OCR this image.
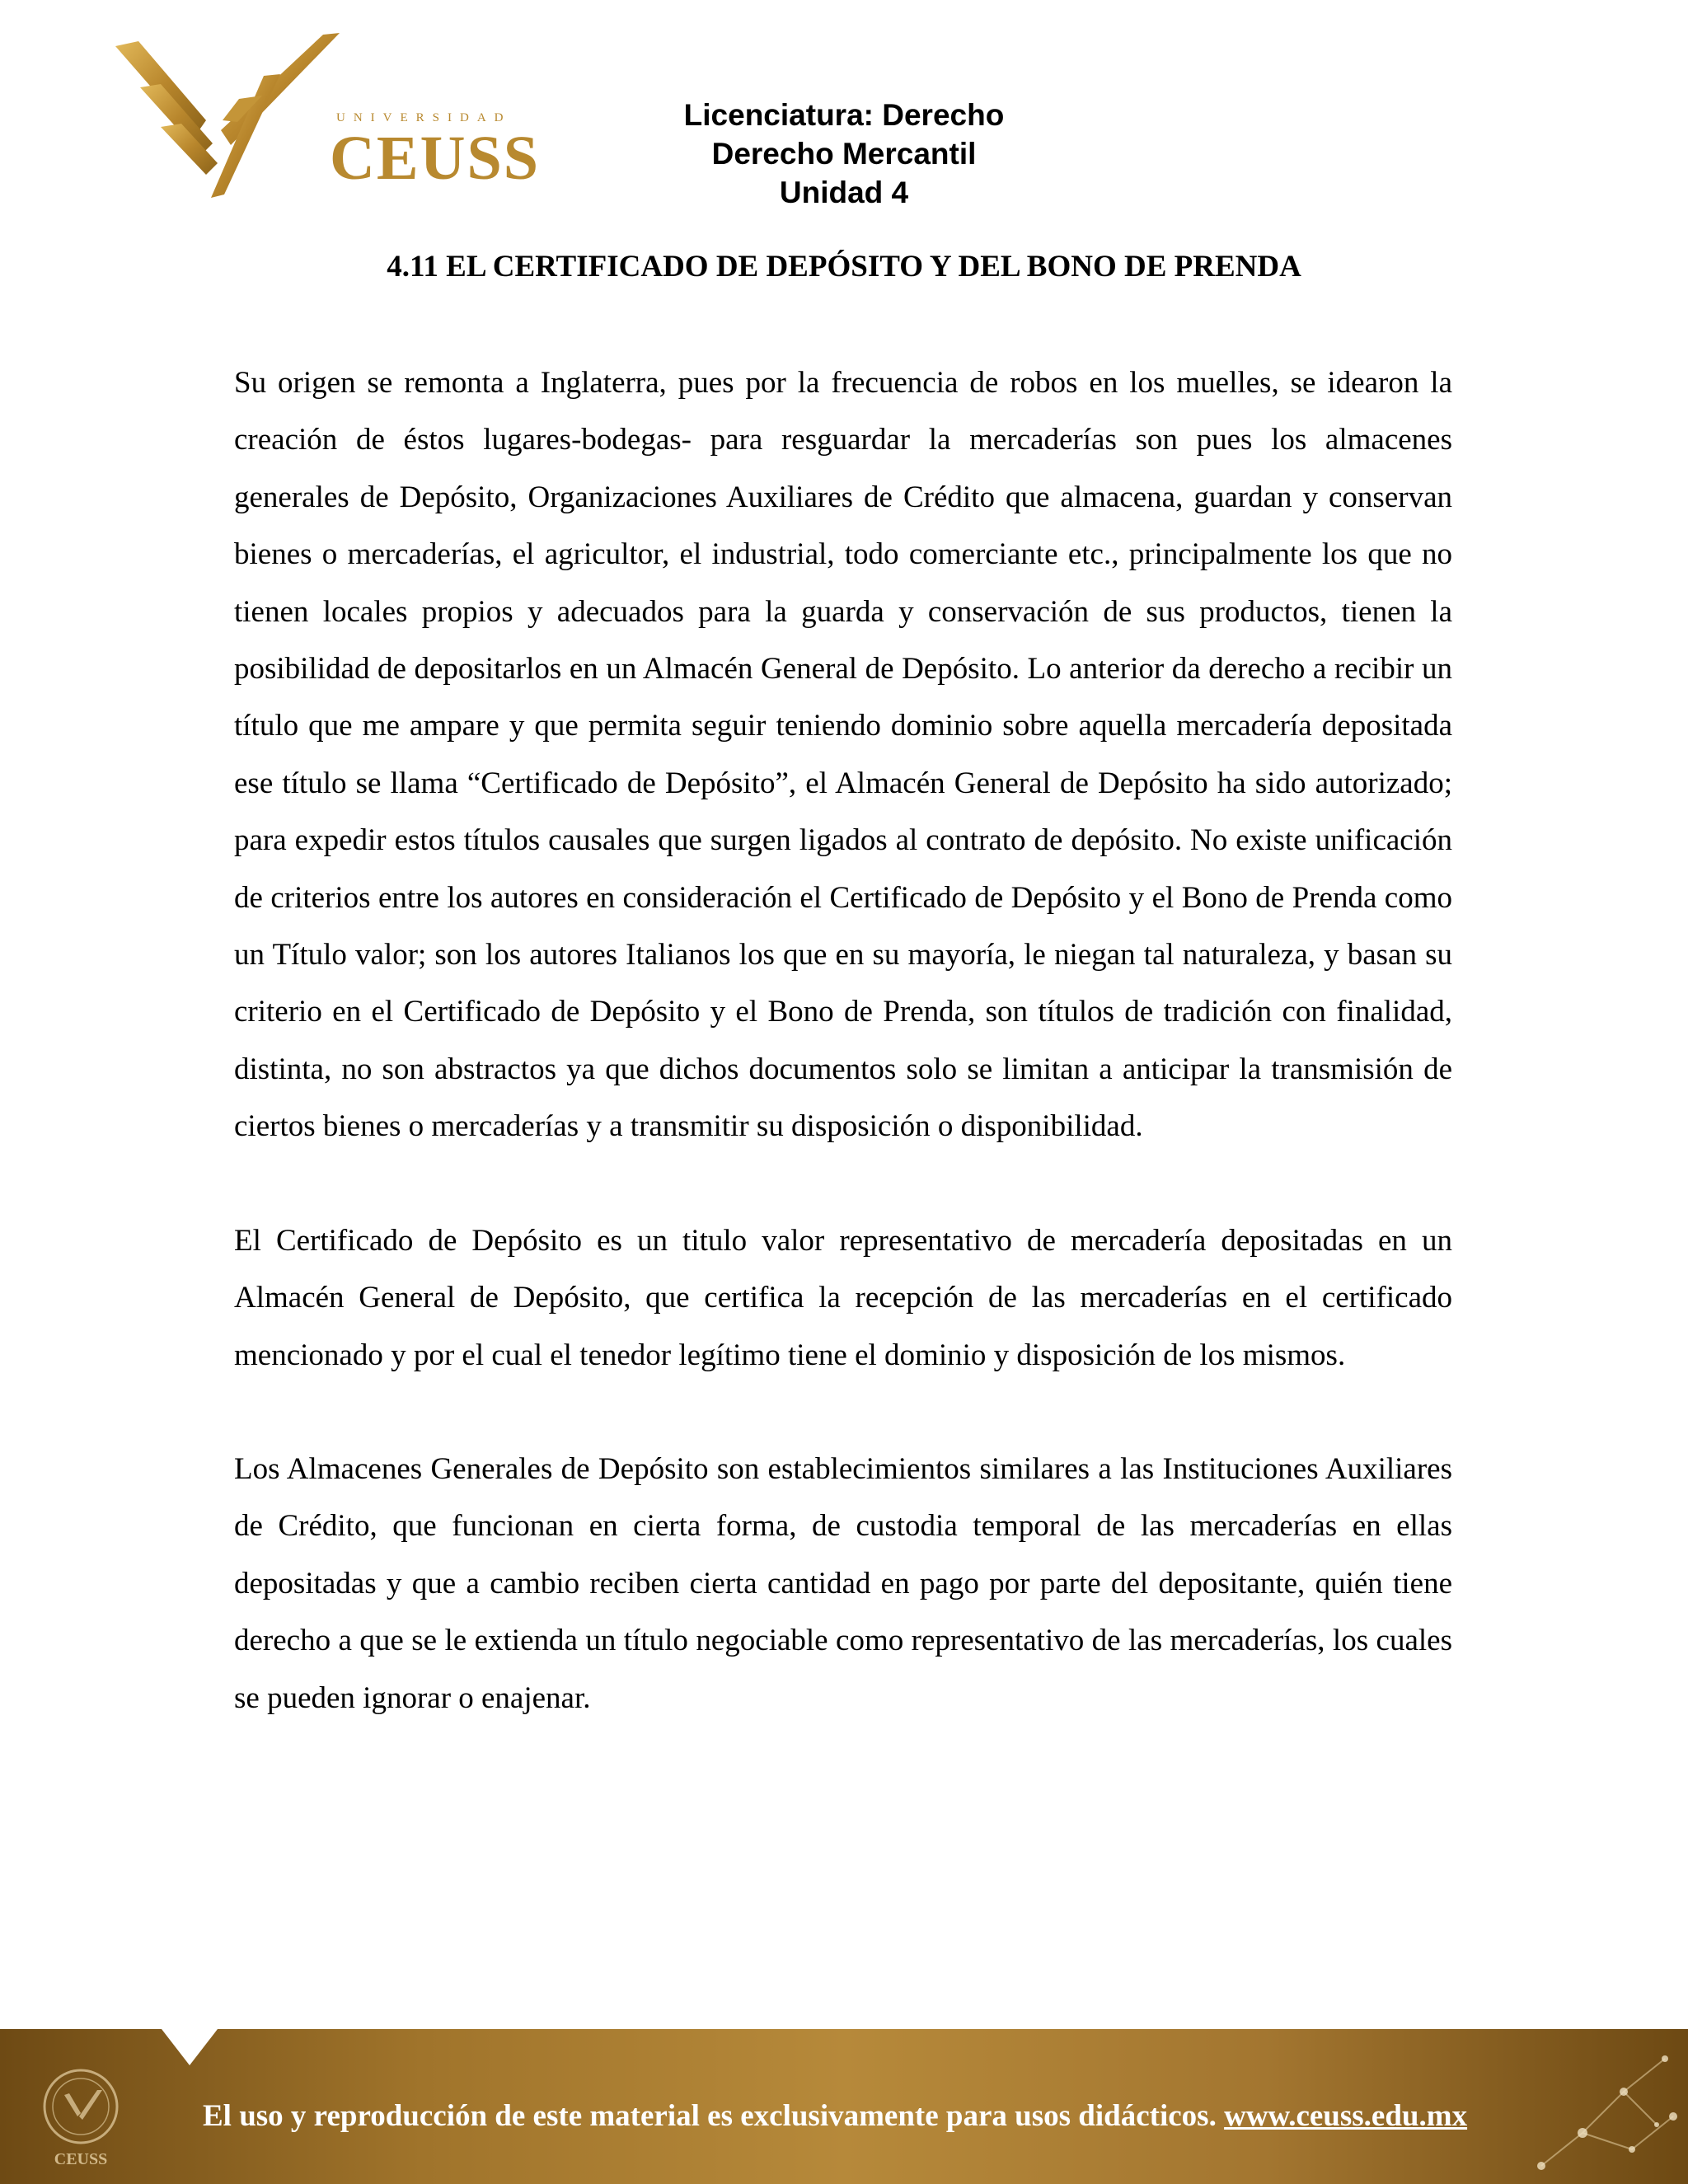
UNIVERSIDAD
CEUSS
Licenciatura: Derecho
Derecho Mercantil
Unidad 4
4.11 EL CERTIFICADO DE DEPÓSITO Y DEL BONO DE PRENDA

Su origen se remonta a Inglaterra, pues por la frecuencia de robos en los muelles, se idearon la creación de éstos lugares-bodegas- para resguardar la mercaderías son pues los almacenes generales de Depósito, Organizaciones Auxiliares de Crédito que almacena, guardan y conservan bienes o mercaderías, el agricultor, el industrial, todo comerciante etc., principalmente los que no tienen locales propios y adecuados para la guarda y conservación de sus productos, tienen la posibilidad de depositarlos en un Almacén General de Depósito. Lo anterior da derecho a recibir un título que me ampare y que permita seguir teniendo dominio sobre aquella mercadería depositada ese título se llama “Certificado de Depósito”, el Almacén General de Depósito ha sido autorizado; para expedir estos títulos causales que surgen ligados al contrato de depósito. No existe unificación de criterios entre los autores en consideración el Certificado de Depósito y el Bono de Prenda como un Título valor; son los autores Italianos los que en su mayoría, le niegan tal naturaleza, y basan su criterio en el Certificado de Depósito y el Bono de Prenda, son títulos de tradición con finalidad, distinta, no son abstractos ya que dichos documentos solo se limitan a anticipar la transmisión de ciertos bienes o mercaderías y a transmitir su disposición o disponibilidad.

El Certificado de Depósito es un titulo valor representativo de mercadería depositadas en un Almacén General de Depósito, que certifica la recepción de las mercaderías en el certificado mencionado y por el cual el tenedor legítimo tiene el dominio y disposición de los mismos.

Los Almacenes Generales de Depósito son establecimientos similares a las Instituciones Auxiliares de Crédito, que funcionan en cierta forma, de custodia temporal de las mercaderías en ellas depositadas y que a cambio reciben cierta cantidad en pago por parte del depositante, quién tiene derecho a que se le extienda un título negociable como representativo de las mercaderías, los cuales se pueden ignorar o enajenar.

CEUSS
El uso y reproducción de este material es exclusivamente para usos didácticos. www.ceuss.edu.mx
